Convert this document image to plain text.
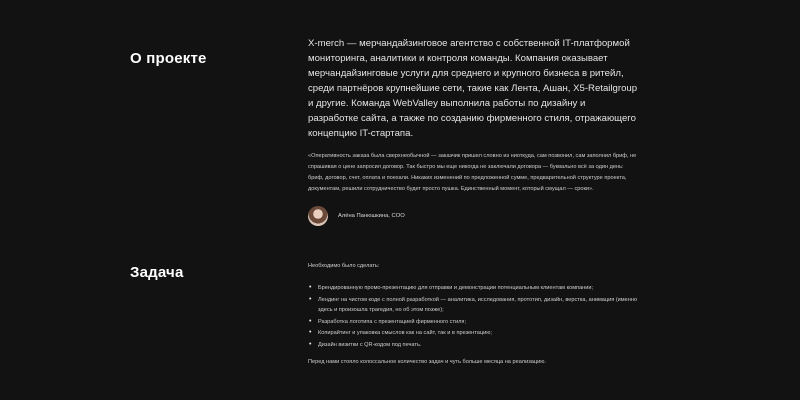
О проекте

X-merch — мерчандайзинговое агентство с собственной IT-платформой мониторинга, аналитики и контроля команды. Компания оказывает мерчандайзинговые услуги для среднего и крупного бизнеса в ритейл, среди партнёров крупнейшие сети, такие как Лента, Ашан, X5-Retailgroup и другие. Команда WebValley выполнила работы по дизайну и разработке сайта, а также по созданию фирменного стиля, отражающего концепцию IT-стартапа.

«Оперативность заказа была сверхнеобычной — заказчик пришел словно из ниоткуда, сам позвонил, сам заполнил бриф, не спрашивая о цене запросил договор. Так быстро мы еще никогда не заключали договора — буквально всё за один день: бриф, договор, счет, оплата и поехали. Никаких изменений по предложенной сумме, предварительной структуре проекта, документам, решили сотрудничество будет просто пушка. Единственный момент, который смущал — сроки».

Алёна Панюшкина, COO
Задача	Необходимо было сделать:
• Брендированную промо-презентацию для отправки и демонстрации потенциальным клиентам компании;
• Лендинг на чистом коде с полной разработкой — аналитика, исследования, прототип, дизайн, верстка, анимация (именно здесь и произошла трагедия, но об этом позже);
• Разработка логотипа с презентацией фирменного стиля;
• Копирайтинг и упаковка смыслов как на сайт, так и в презентацию;
• Дизайн визитки с QR-кодом под печать.
Перед нами стояло колоссальное количество задач и чуть больше месяца на реализацию.
